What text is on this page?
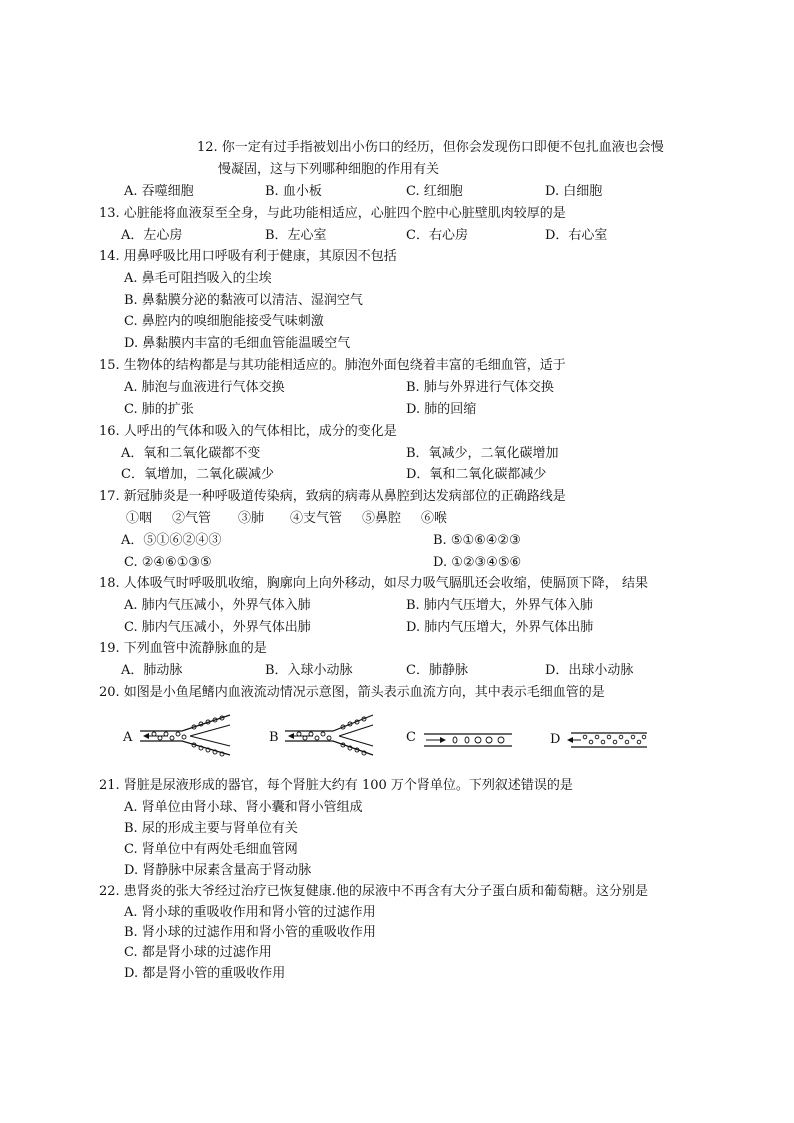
12. 你一定有过手指被划出小伤口的经历，但你会发现伤口即便不包扎血液也会慢
慢凝固，这与下列哪种细胞的作用有关
A. 吞噬细胞	B. 血小板	C. 红细胞	D. 白细胞
13. 心脏能将血液泵至全身，与此功能相适应，心脏四个腔中心脏壁肌肉较厚的是
A．左心房	B．左心室	C．右心房	D．右心室
14. 用鼻呼吸比用口呼吸有利于健康，其原因不包括
A. 鼻毛可阻挡吸入的尘埃
B. 鼻黏膜分泌的黏液可以清洁、湿润空气
C. 鼻腔内的嗅细胞能接受气味刺激
D. 鼻黏膜内丰富的毛细血管能温暖空气
15. 生物体的结构都是与其功能相适应的。肺泡外面包绕着丰富的毛细血管，适于
A. 肺泡与血液进行气体交换	B. 肺与外界进行气体交换
C. 肺的扩张	D. 肺的回缩
16. 人呼出的气体和吸入的气体相比，成分的变化是
A．氧和二氧化碳都不变	B．氧减少，二氧化碳增加
C．氧增加，二氧化碳减少	D．氧和二氧化碳都减少
17. 新冠肺炎是一种呼吸道传染病，致病的病毒从鼻腔到达发病部位的正确路线是
①咽 ②气管 ③肺 ④支气管 ⑤鼻腔 ⑥喉
A．⑤①⑥②④③	B. ⑤①⑥④②③
C. ②④⑥①③⑤	D. ①②③④⑤⑥
18. 人体吸气时呼吸肌收缩，胸廓向上向外移动，如尽力吸气膈肌还会收缩，使膈顶下降， 结果
A. 肺内气压减小，外界气体入肺	B. 肺内气压增大，外界气体入肺
C. 肺内气压减小，外界气体出肺	D. 肺内气压增大，外界气体出肺
19. 下列血管中流静脉血的是
A．肺动脉	B．入球小动脉	C．肺静脉	D．出球小动脉
20. 如图是小鱼尾鳍内血液流动情况示意图，箭头表示血流方向，其中表示毛细血管的是
A	B	C	D
21. 肾脏是尿液形成的器官，每个肾脏大约有 100 万个肾单位。下列叙述错误的是
A. 肾单位由肾小球、肾小囊和肾小管组成
B. 尿的形成主要与肾单位有关
C. 肾单位中有两处毛细血管网
D. 肾静脉中尿素含量高于肾动脉
22. 患肾炎的张大爷经过治疗已恢复健康.他的尿液中不再含有大分子蛋白质和葡萄糖。这分别是
A. 肾小球的重吸收作用和肾小管的过滤作用
B. 肾小球的过滤作用和肾小管的重吸收作用
C. 都是肾小球的过滤作用
D. 都是肾小管的重吸收作用
